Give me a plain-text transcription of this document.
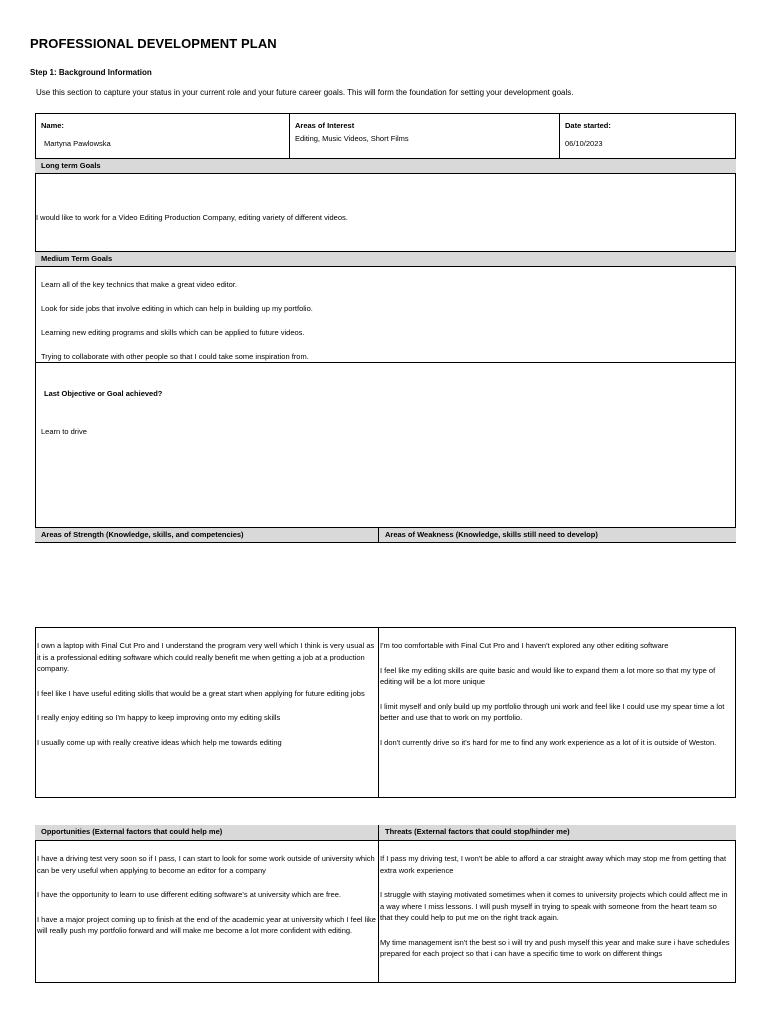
PROFESSIONAL DEVELOPMENT PLAN
Step 1: Background Information
Use this section to capture your status in your current role and your future career goals. This will form the foundation for setting your development goals.
Name:
Martyna Pawlowska
Areas of Interest
Editing, Music Videos, Short Films
Date started:
06/10/2023
Long term Goals
I would like to work for a Video Editing Production Company, editing variety of different videos.
Medium Term Goals
Learn all of the key technics that make a great video editor.
Look for side jobs that involve editing in which can help in building up my portfolio.
Learning new editing programs and skills which can be applied to future videos.
Trying to collaborate with other people so that I could take some inspiration from.
Last Objective or Goal achieved?
Learn to drive
Areas of Strength (Knowledge, skills, and competencies)	Areas of Weakness (Knowledge, skills still need to develop)
I own a laptop with Final Cut Pro and I understand the program very well which I think is very usual as it is a professional editing software which could really benefit me when getting a job at a production company.
I feel like I have useful editing skills that would be a great start when applying for future editing jobs
I really enjoy editing so I'm happy to keep improving onto my editing skills
I usually come up with really creative ideas which help me towards editing
I'm too comfortable with Final Cut Pro and I haven't explored any other editing software
I feel like my editing skills are quite basic and would like to expand them a lot more so that my type of editing will be a lot more unique
I limit myself and only build up my portfolio through uni work and feel like I could use my spear time a lot better and use that to work on my portfolio.
I don't currently drive so it's hard for me to find any work experience as a lot of it is outside of Weston.
Opportunities (External factors that could help me)	Threats (External factors that could stop/hinder me)
I have a driving test very soon so if I pass, I can start to look for some work outside of university which can be very useful when applying to become an editor for a company
I have the opportunity to learn to use different editing software's at university which are free.
I have a major project coming up to finish at the end of the academic year at university which I feel like will really push my portfolio forward and will make me become a lot more confident with editing.
If I pass my driving test, I won't be able to afford a car straight away which may stop me from getting that extra work experience
I struggle with staying motivated sometimes when it comes to university projects which could affect me in a way where I miss lessons. I will push myself in trying to speak with someone from the heart team so that they could help to put me on the right track again.
My time management isn't the best so i will try and push myself this year and make sure i have schedules prepared for each project so that i can have a specific time to work on different things
